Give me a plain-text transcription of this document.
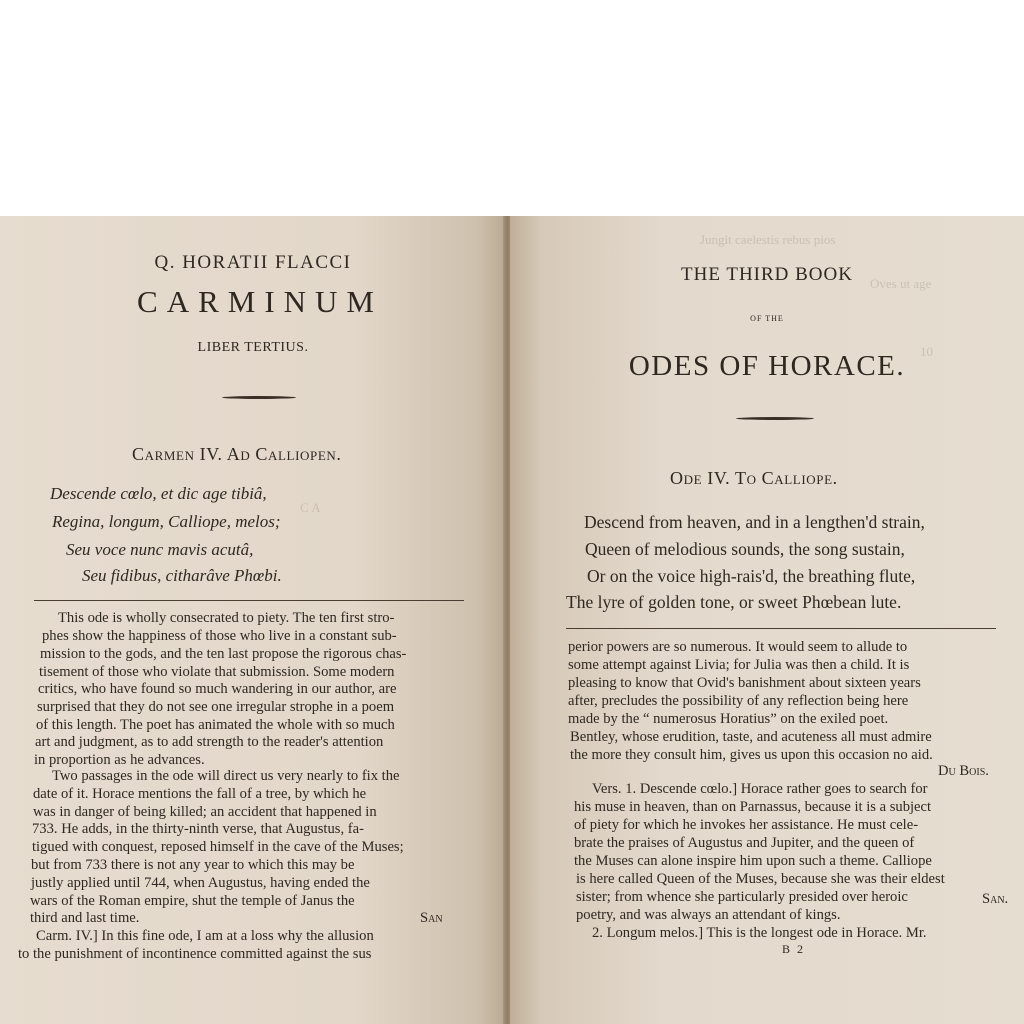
C A
Q. HORATII FLACCI
CARMINUM
LIBER TERTIUS.
Carmen IV. Ad Calliopen.
Descende cœlo, et dic age tibiâ,
Regina, longum, Calliope, melos;
Seu voce nunc mavis acutâ,
Seu fidibus, citharâve Phœbi.
This ode is wholly consecrated to piety. The ten first stro-
phes show the happiness of those who live in a constant sub-
mission to the gods, and the ten last propose the rigorous chas-
tisement of those who violate that submission. Some modern
critics, who have found so much wandering in our author, are
surprised that they do not see one irregular strophe in a poem
of this length. The poet has animated the whole with so much
art and judgment, as to add strength to the reader's attention
in proportion as he advances.
Two passages in the ode will direct us very nearly to fix the
date of it. Horace mentions the fall of a tree, by which he
was in danger of being killed; an accident that happened in
733. He adds, in the thirty-ninth verse, that Augustus, fa-
tigued with conquest, reposed himself in the cave of the Muses;
but from 733 there is not any year to which this may be
justly applied until 744, when Augustus, having ended the
wars of the Roman empire, shut the temple of Janus the
third and last time.	San
Carm. IV.] In this fine ode, I am at a loss why the allusion
to the punishment of incontinence committed against the sus
Jungit caelestis rebus pios
Oves ut age
10
THE THIRD BOOK
OF THE
ODES OF HORACE.
Ode IV. To Calliope.
Descend from heaven, and in a lengthen'd strain,
Queen of melodious sounds, the song sustain,
Or on the voice high-rais'd, the breathing flute,
The lyre of golden tone, or sweet Phœbean lute.
perior powers are so numerous. It would seem to allude to
some attempt against Livia; for Julia was then a child. It is
pleasing to know that Ovid's banishment about sixteen years
after, precludes the possibility of any reflection being here
made by the “ numerosus Horatius” on the exiled poet.
Bentley, whose erudition, taste, and acuteness all must admire
the more they consult him, gives us upon this occasion no aid.
Du Bois.
Vers. 1. Descende cœlo.] Horace rather goes to search for
his muse in heaven, than on Parnassus, because it is a subject
of piety for which he invokes her assistance. He must cele-
brate the praises of Augustus and Jupiter, and the queen of
the Muses can alone inspire him upon such a theme. Calliope
is here called Queen of the Muses, because she was their eldest
sister; from whence she particularly presided over heroic
poetry, and was always an attendant of kings.
San.
2. Longum melos.] This is the longest ode in Horace. Mr.
B 2
